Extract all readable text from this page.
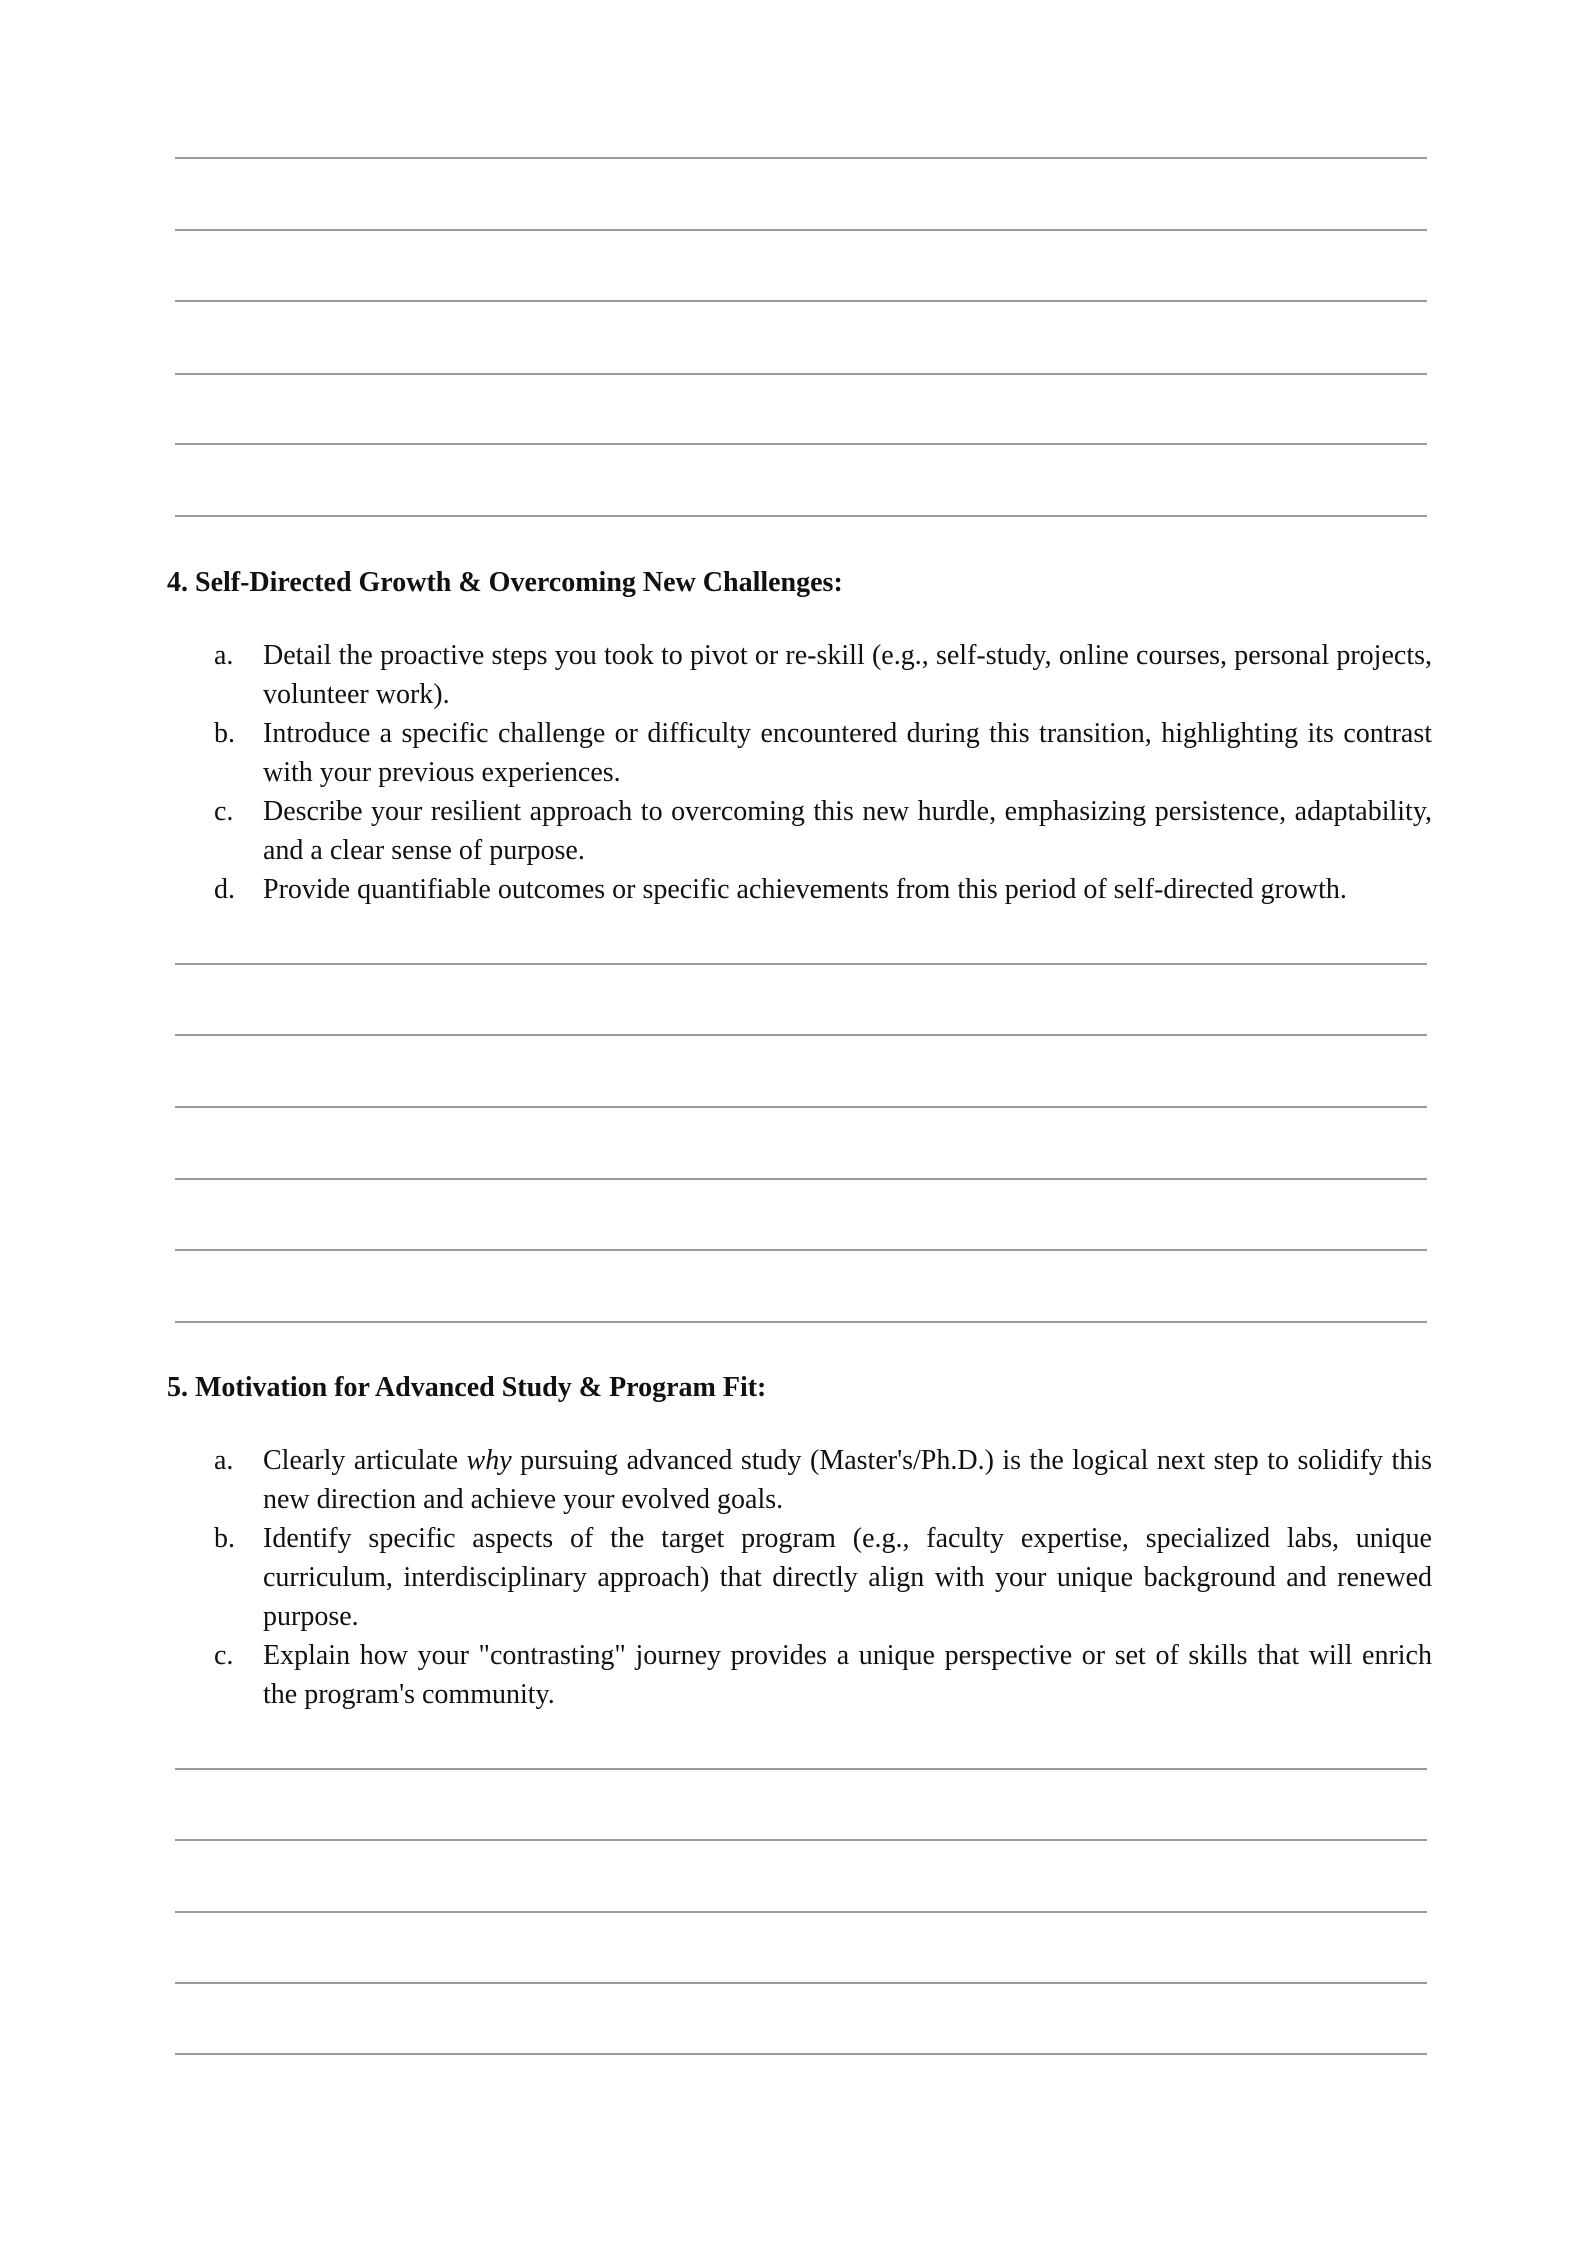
4. Self-Directed Growth & Overcoming New Challenges:
a. Detail the proactive steps you took to pivot or re-skill (e.g., self-study, online courses, personal projects, volunteer work).
b. Introduce a specific challenge or difficulty encountered during this transition, highlighting its contrast with your previous experiences.
c. Describe your resilient approach to overcoming this new hurdle, emphasizing persistence, adaptability, and a clear sense of purpose.
d. Provide quantifiable outcomes or specific achievements from this period of self-directed growth.
5. Motivation for Advanced Study & Program Fit:
a. Clearly articulate why pursuing advanced study (Master's/Ph.D.) is the logical next step to solidify this new direction and achieve your evolved goals.
b. Identify specific aspects of the target program (e.g., faculty expertise, specialized labs, unique curriculum, interdisciplinary approach) that directly align with your unique background and renewed purpose.
c. Explain how your "contrasting" journey provides a unique perspective or set of skills that will enrich the program's community.
